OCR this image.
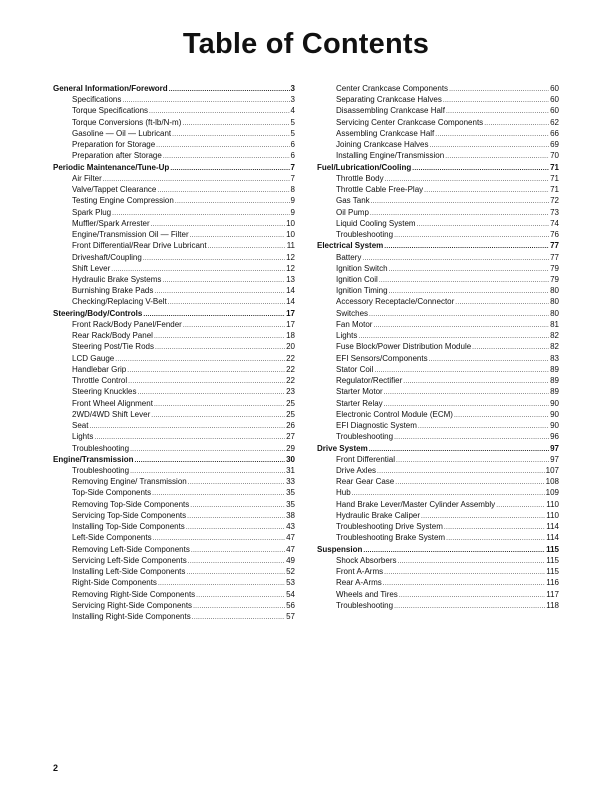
Table of Contents
General Information/Foreword .....	3
Specifications .....	3
Torque Specifications .....	4
Torque Conversions (ft-lb/N-m) .....	5
Gasoline — Oil — Lubricant .....	5
Preparation for Storage .....	6
Preparation after Storage .....	6
Periodic Maintenance/Tune-Up .....	7
Air Filter .....	7
Valve/Tappet Clearance .....	8
Testing Engine Compression .....	9
Spark Plug .....	9
Muffler/Spark Arrester .....	10
Engine/Transmission Oil — Filter .....	10
Front Differential/Rear Drive Lubricant .....	11
Driveshaft/Coupling .....	12
Shift Lever .....	12
Hydraulic Brake Systems .....	13
Burnishing Brake Pads .....	14
Checking/Replacing V-Belt .....	14
Steering/Body/Controls .....	17
Front Rack/Body Panel/Fender .....	17
Rear Rack/Body Panel .....	18
Steering Post/Tie Rods .....	20
LCD Gauge .....	22
Handlebar Grip .....	22
Throttle Control .....	22
Steering Knuckles .....	23
Front Wheel Alignment .....	25
2WD/4WD Shift Lever .....	25
Seat .....	26
Lights .....	27
Troubleshooting .....	29
Engine/Transmission .....	30
Troubleshooting .....	31
Removing Engine/ Transmission .....	33
Top-Side Components .....	35
Removing Top-Side Components .....	35
Servicing Top-Side Components .....	38
Installing Top-Side Components .....	43
Left-Side Components .....	47
Removing Left-Side Components .....	47
Servicing Left-Side Components .....	49
Installing Left-Side Components .....	52
Right-Side Components .....	53
Removing Right-Side Components .....	54
Servicing Right-Side Components .....	56
Installing Right-Side Components .....	57
Center Crankcase Components .....	60
Separating Crankcase Halves .....	60
Disassembling Crankcase Half .....	60
Servicing Center Crankcase Components .....	62
Assembling Crankcase Half .....	66
Joining Crankcase Halves .....	69
Installing Engine/Transmission .....	70
Fuel/Lubrication/Cooling .....	71
Throttle Body .....	71
Throttle Cable Free-Play .....	71
Gas Tank .....	72
Oil Pump .....	73
Liquid Cooling System .....	74
Troubleshooting .....	76
Electrical System .....	77
Battery .....	77
Ignition Switch .....	79
Ignition Coil .....	79
Ignition Timing .....	80
Accessory Receptacle/Connector .....	80
Switches .....	80
Fan Motor .....	81
Lights .....	82
Fuse Block/Power Distribution Module .....	82
EFI Sensors/Components .....	83
Stator Coil .....	89
Regulator/Rectifier .....	89
Starter Motor .....	89
Starter Relay .....	90
Electronic Control Module (ECM) .....	90
EFI Diagnostic System .....	90
Troubleshooting .....	96
Drive System .....	97
Front Differential .....	97
Drive Axles .....	107
Rear Gear Case .....	108
Hub .....	109
Hand Brake Lever/Master Cylinder Assembly .....	110
Hydraulic Brake Caliper .....	110
Troubleshooting Drive System .....	114
Troubleshooting Brake System .....	114
Suspension .....	115
Shock Absorbers .....	115
Front A-Arms .....	115
Rear A-Arms .....	116
Wheels and Tires .....	117
Troubleshooting .....	118
2
